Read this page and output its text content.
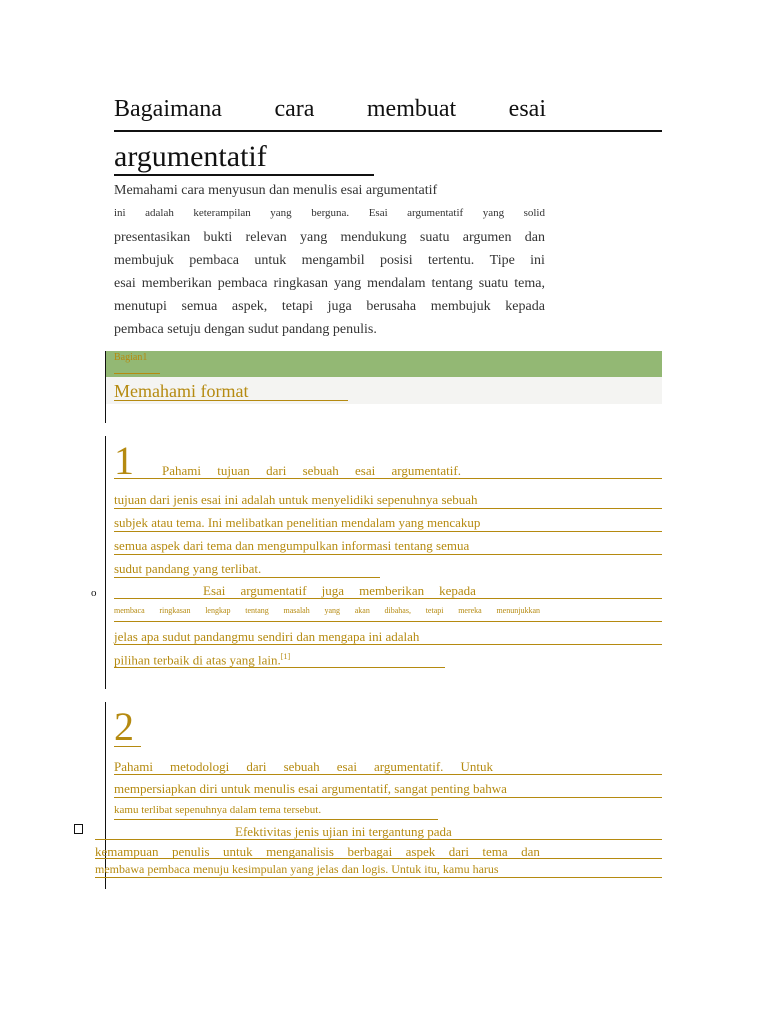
Bagaimana cara membuat esai
argumentatif
Memahami cara menyusun dan menulis esai argumentatif
ini adalah keterampilan yang berguna. Esai argumentatif yang solid
presentasikan bukti relevan yang mendukung suatu argumen dan
membujuk pembaca untuk mengambil posisi tertentu. Tipe ini
esai memberikan pembaca ringkasan yang mendalam tentang suatu tema,
menutupi semua aspek, tetapi juga berusaha membujuk kepada
pembaca setuju dengan sudut pandang penulis.
Bagian1
Memahami format
1 Pahami tujuan dari sebuah esai argumentatif.
tujuan dari jenis esai ini adalah untuk menyelidiki sepenuhnya sebuah
subjek atau tema. Ini melibatkan penelitian mendalam yang mencakup
semua aspek dari tema dan mengumpulkan informasi tentang semua
sudut pandang yang terlibat.
o	Esai argumentatif juga memberikan kepada
membaca ringkasan lengkap tentang masalah yang akan dibahas, tetapi mereka menunjukkan
jelas apa sudut pandangmu sendiri dan mengapa ini adalah
pilihan terbaik di atas yang lain.[1]
2
Pahami metodologi dari sebuah esai argumentatif. Untuk
mempersiapkan diri untuk menulis esai argumentatif, sangat penting bahwa
kamu terlibat sepenuhnya dalam tema tersebut.
Efektivitas jenis ujian ini tergantung pada
kemampuan penulis untuk menganalisis berbagai aspek dari tema dan
membawa pembaca menuju kesimpulan yang jelas dan logis. Untuk itu, kamu harus
